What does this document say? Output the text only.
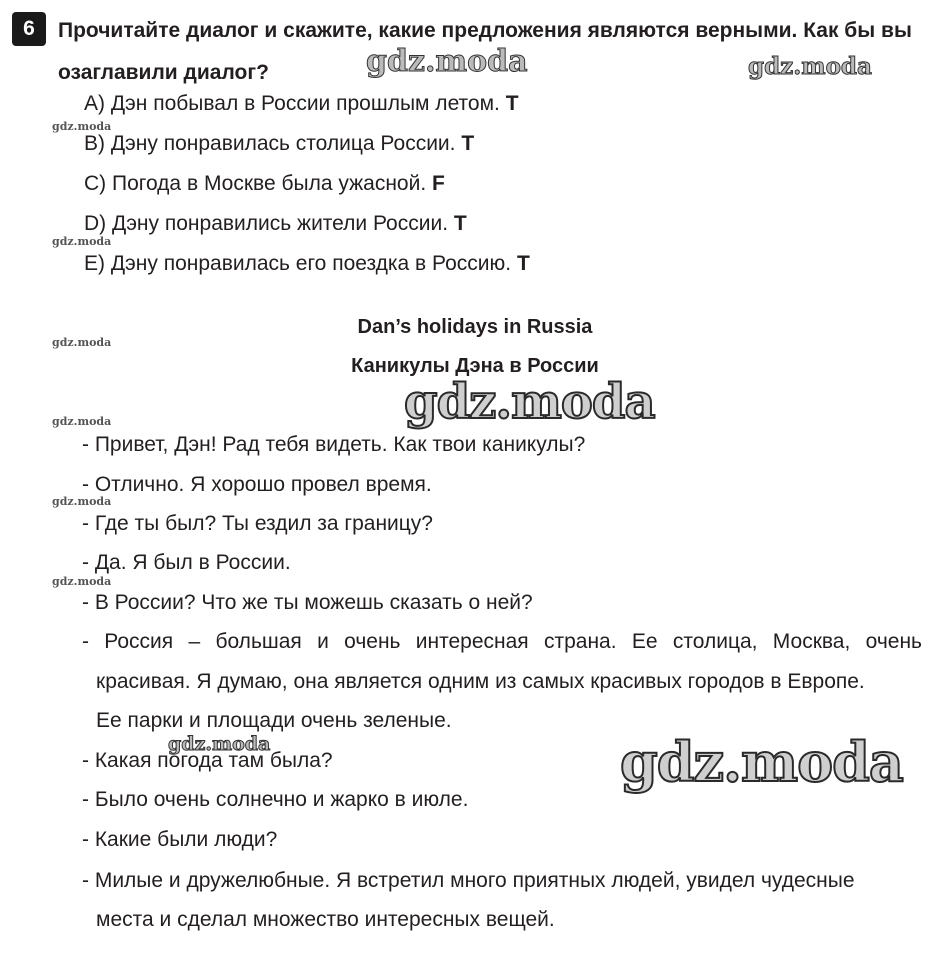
6	Прочитайте диалог и скажите, какие предложения являются верными. Как бы вы озаглавили диалог?
A) Дэн побывал в России прошлым летом. T
B) Дэну понравилась столица России. T
C) Погода в Москве была ужасной. F
D) Дэну понравились жители России. T
E) Дэну понравилась его поездка в Россию. T
Dan’s holidays in Russia
Каникулы Дэна в России
- Привет, Дэн! Рад тебя видеть. Как твои каникулы?
- Отлично. Я хорошо провел время.
- Где ты был? Ты ездил за границу?
- Да. Я был в России.
- В России? Что же ты можешь сказать о ней?
- Россия – большая и очень интересная страна. Ее столица, Москва, очень
красивая. Я думаю, она является одним из самых красивых городов в Европе.
Ее парки и площади очень зеленые.
- Какая погода там была?
- Было очень солнечно и жарко в июле.
- Какие были люди?
- Милые и дружелюбные. Я встретил много приятных людей, увидел чудесные
места и сделал множество интересных вещей.
gdz.moda	gdz.moda
gdz.moda
gdz.moda
gdz.moda
gdz.moda
gdz.moda
gdz.moda
gdz.moda
gdz.moda	gdz.moda
